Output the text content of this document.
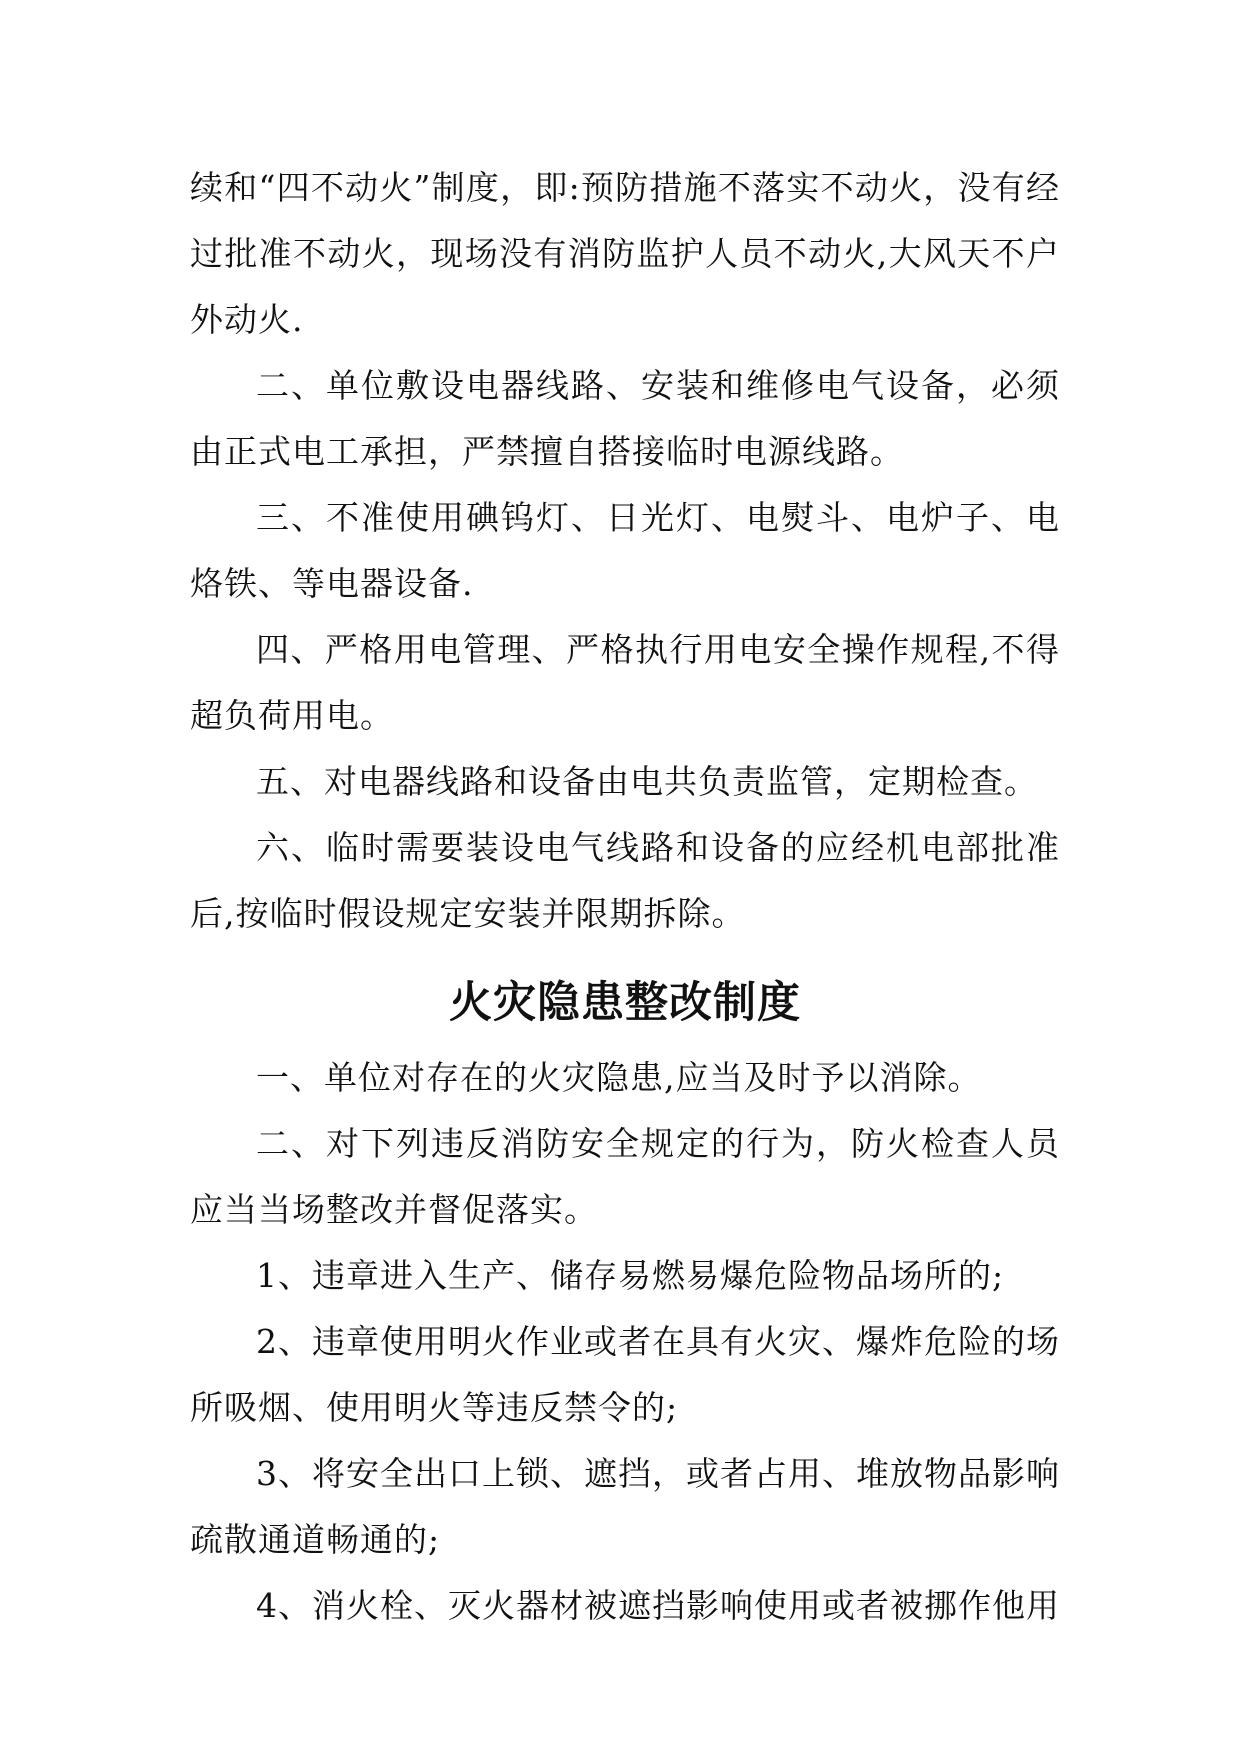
续和“四不动火”制度，即:预防措施不落实不动火，没有经过批准不动火，现场没有消防监护人员不动火,大风天不户外动火.

二、单位敷设电器线路、安装和维修电气设备，必须由正式电工承担，严禁擅自搭接临时电源线路。

三、不准使用碘钨灯、日光灯、电熨斗、电炉子、电烙铁、等电器设备.

四、严格用电管理、严格执行用电安全操作规程,不得超负荷用电。

五、对电器线路和设备由电共负责监管，定期检查。

六、临时需要装设电气线路和设备的应经机电部批准后,按临时假设规定安装并限期拆除。

火灾隐患整改制度

一、单位对存在的火灾隐患,应当及时予以消除。

二、对下列违反消防安全规定的行为，防火检查人员应当当场整改并督促落实。

1、违章进入生产、储存易燃易爆危险物品场所的;

2、违章使用明火作业或者在具有火灾、爆炸危险的场所吸烟、使用明火等违反禁令的;

3、将安全出口上锁、遮挡，或者占用、堆放物品影响疏散通道畅通的;

4、消火栓、灭火器材被遮挡影响使用或者被挪作他用
